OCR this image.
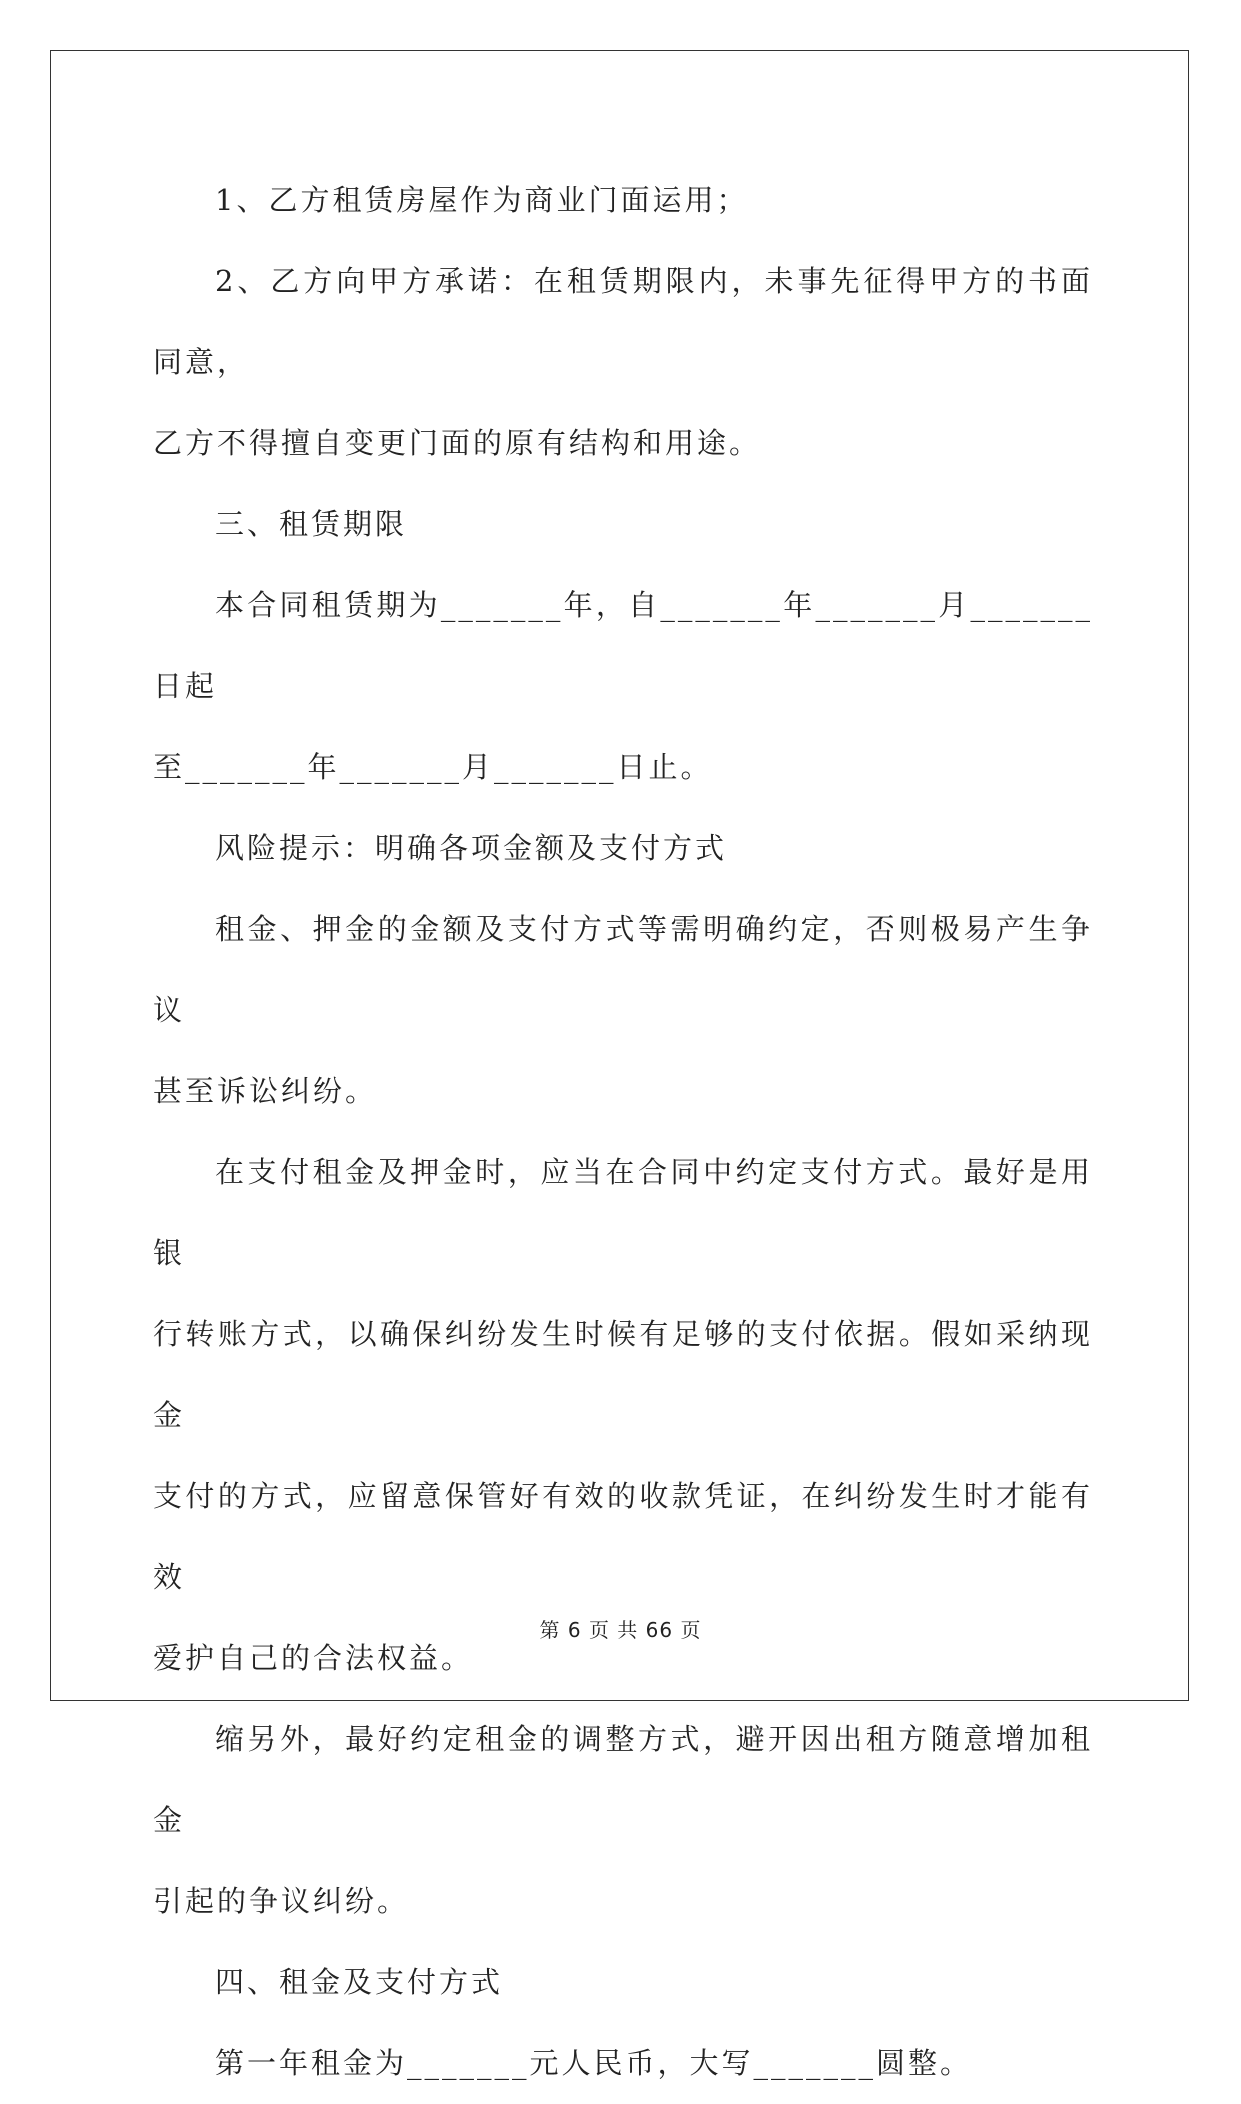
1、乙方租赁房屋作为商业门面运用；

2、乙方向甲方承诺：在租赁期限内，未事先征得甲方的书面同意，

乙方不得擅自变更门面的原有结构和用途。

三、租赁期限

本合同租赁期为_______年，自_______年_______月_______日起

至_______年_______月_______日止。

风险提示：明确各项金额及支付方式

租金、押金的金额及支付方式等需明确约定，否则极易产生争议

甚至诉讼纠纷。

在支付租金及押金时，应当在合同中约定支付方式。最好是用银

行转账方式，以确保纠纷发生时候有足够的支付依据。假如采纳现金

支付的方式，应留意保管好有效的收款凭证，在纠纷发生时才能有效

爱护自己的合法权益。

缩另外，最好约定租金的调整方式，避开因出租方随意增加租金

引起的争议纠纷。

四、租金及支付方式

第一年租金为_______元人民币，大写_______圆整。

第 6 页 共 66 页
